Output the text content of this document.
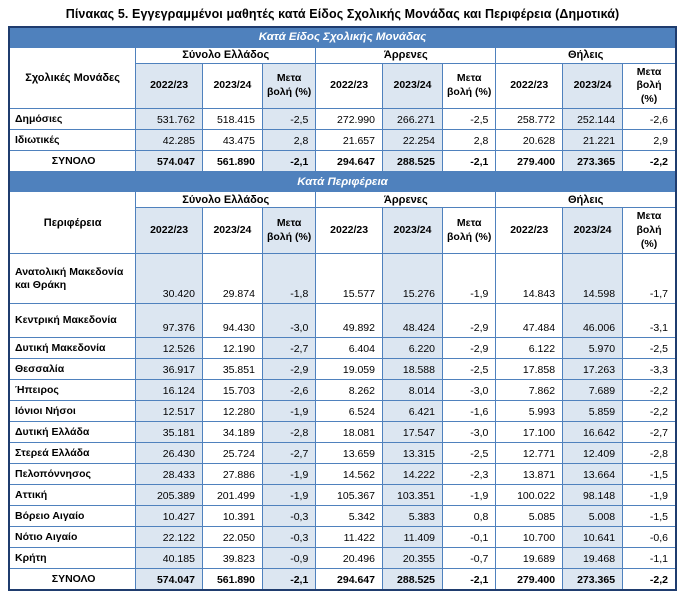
Πίνακας 5. Εγγεγραμμένοι μαθητές κατά Είδος Σχολικής Μονάδας και Περιφέρεια (Δημοτικά)
Κατά Είδος Σχολικής Μονάδας									
Σχολικές Μονάδες	Σύνολο Ελλάδος			Άρρενες			Θήλεις		
	2022/23	2023/24	Μετα βολή (%)	2022/23	2023/24	Μετα βολή (%)	2022/23	2023/24	Μετα βολή (%)
Δημόσιες	531.762	518.415	-2,5	272.990	266.271	-2,5	258.772	252.144	-2,6
Ιδιωτικές	42.285	43.475	2,8	21.657	22.254	2,8	20.628	21.221	2,9
ΣΥΝΟΛΟ	574.047	561.890	-2,1	294.647	288.525	-2,1	279.400	273.365	-2,2
Κατά Περιφέρεια									
Περιφέρεια	Σύνολο Ελλάδος			Άρρενες			Θήλεις		
	2022/23	2023/24	Μετα βολή (%)	2022/23	2023/24	Μετα βολή (%)	2022/23	2023/24	Μετα βολή (%)
Ανατολική Μακεδονία και Θράκη	30.420	29.874	-1,8	15.577	15.276	-1,9	14.843	14.598	-1,7
Κεντρική Μακεδονία	97.376	94.430	-3,0	49.892	48.424	-2,9	47.484	46.006	-3,1
Δυτική Μακεδονία	12.526	12.190	-2,7	6.404	6.220	-2,9	6.122	5.970	-2,5
Θεσσαλία	36.917	35.851	-2,9	19.059	18.588	-2,5	17.858	17.263	-3,3
Ήπειρος	16.124	15.703	-2,6	8.262	8.014	-3,0	7.862	7.689	-2,2
Ιόνιοι Νήσοι	12.517	12.280	-1,9	6.524	6.421	-1,6	5.993	5.859	-2,2
Δυτική Ελλάδα	35.181	34.189	-2,8	18.081	17.547	-3,0	17.100	16.642	-2,7
Στερεά Ελλάδα	26.430	25.724	-2,7	13.659	13.315	-2,5	12.771	12.409	-2,8
Πελοπόννησος	28.433	27.886	-1,9	14.562	14.222	-2,3	13.871	13.664	-1,5
Αττική	205.389	201.499	-1,9	105.367	103.351	-1,9	100.022	98.148	-1,9
Βόρειο Αιγαίο	10.427	10.391	-0,3	5.342	5.383	0,8	5.085	5.008	-1,5
Νότιο Αιγαίο	22.122	22.050	-0,3	11.422	11.409	-0,1	10.700	10.641	-0,6
Κρήτη	40.185	39.823	-0,9	20.496	20.355	-0,7	19.689	19.468	-1,1
ΣΥΝΟΛΟ	574.047	561.890	-2,1	294.647	288.525	-2,1	279.400	273.365	-2,2
